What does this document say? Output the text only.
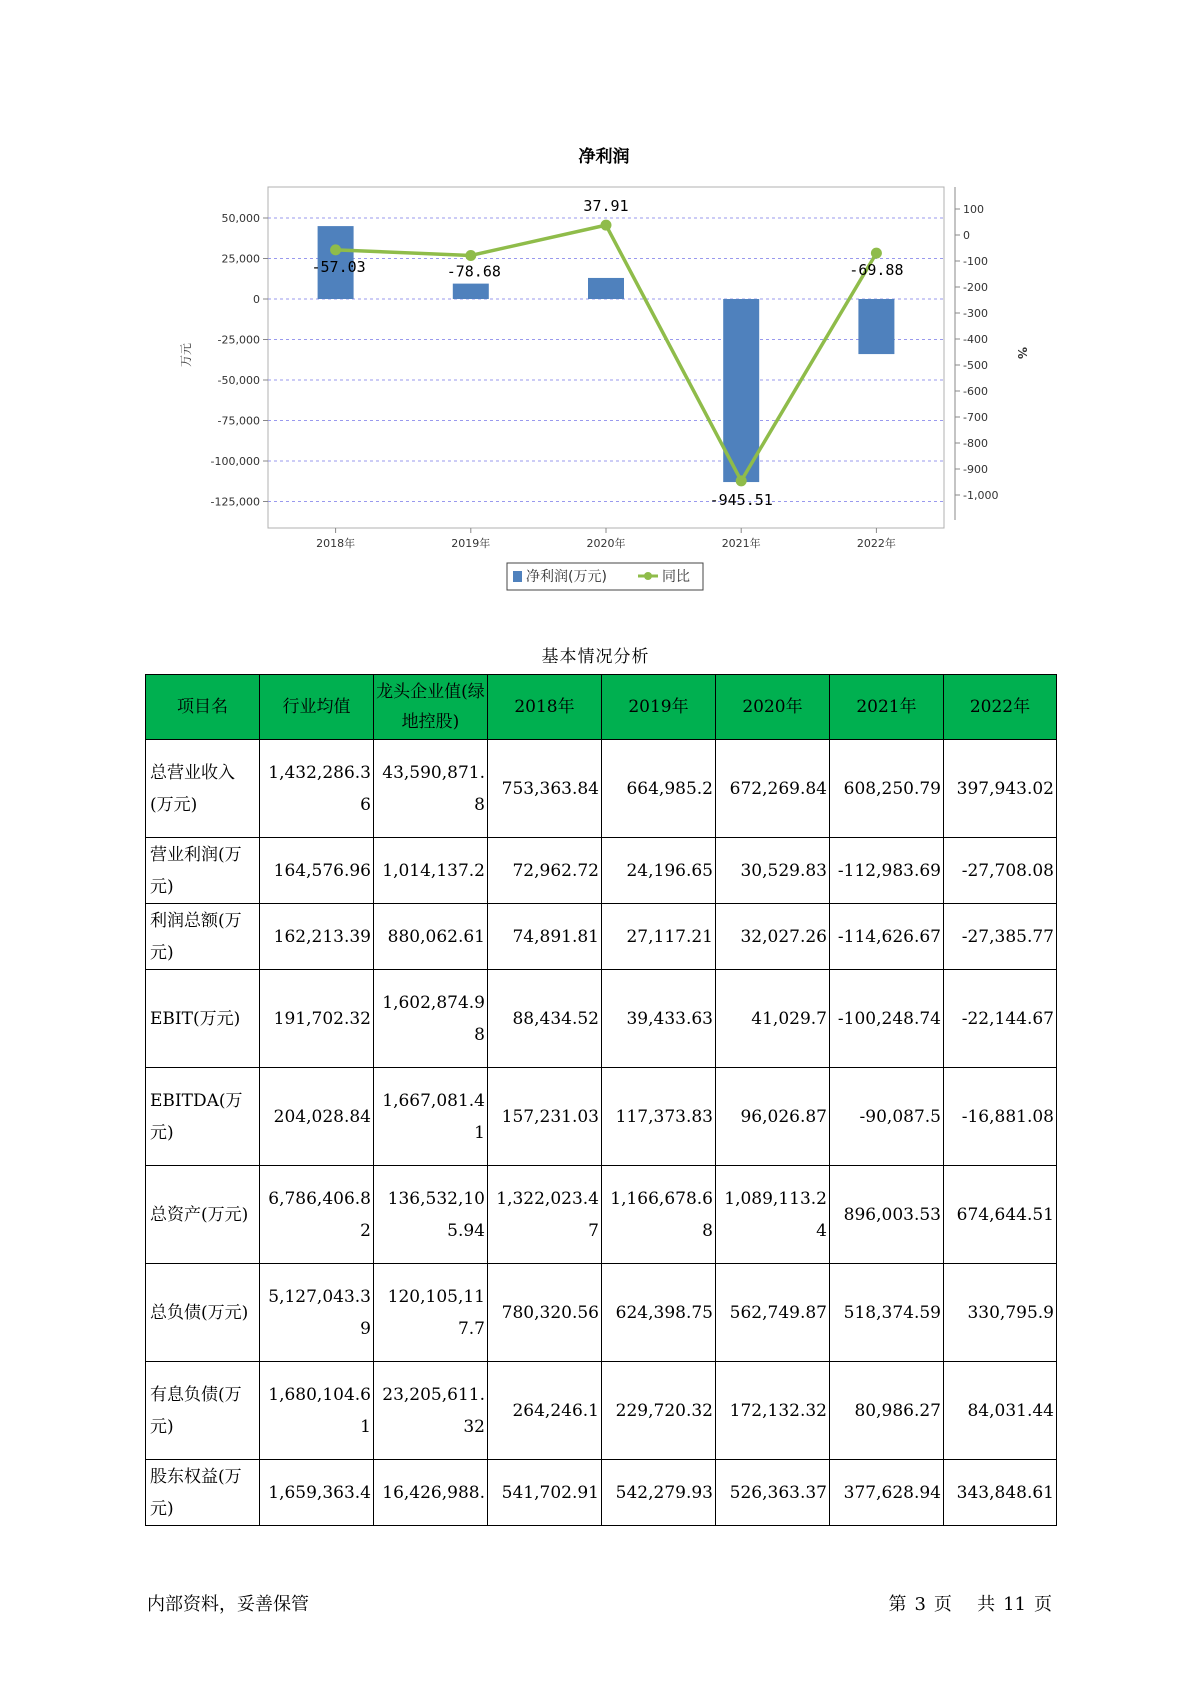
净利润
50,000
25,000
0
-25,000
-50,000
-75,000
-100,000
-125,000
100
0
-100
-200
-300
-400
-500
-600
-700
-800
-900
-1,000
万元	%
2018年	2019年	2020年	2021年	2022年
-57.03	-78.68
37.91
-945.51
-69.88
净利润(万元)	同比
基本情况分析
项目名	行业均值	龙头企业值(绿地控股)	2018年	2019年	2020年	2021年	2022年
总营业收入(万元)	1,432,286.36	43,590,871.8	753,363.84	664,985.2	672,269.84	608,250.79	397,943.02
营业利润(万元)	164,576.96	1,014,137.2	72,962.72	24,196.65	30,529.83	-112,983.69	-27,708.08
利润总额(万元)	162,213.39	880,062.61	74,891.81	27,117.21	32,027.26	-114,626.67	-27,385.77
EBIT(万元)	191,702.32	1,602,874.98	88,434.52	39,433.63	41,029.7	-100,248.74	-22,144.67
EBITDA(万元)	204,028.84	1,667,081.41	157,231.03	117,373.83	96,026.87	-90,087.5	-16,881.08
总资产(万元)	6,786,406.82	136,532,105.94	1,322,023.47	1,166,678.68	1,089,113.24	896,003.53	674,644.51
总负债(万元)	5,127,043.39	120,105,117.7	780,320.56	624,398.75	562,749.87	518,374.59	330,795.9
有息负债(万元)	1,680,104.61	23,205,611.32	264,246.1	229,720.32	172,132.32	80,986.27	84,031.44
股东权益(万元)	1,659,363.4	16,426,988.	541,702.91	542,279.93	526,363.37	377,628.94	343,848.61
内部资料，妥善保管	第 3 页 共 11 页
